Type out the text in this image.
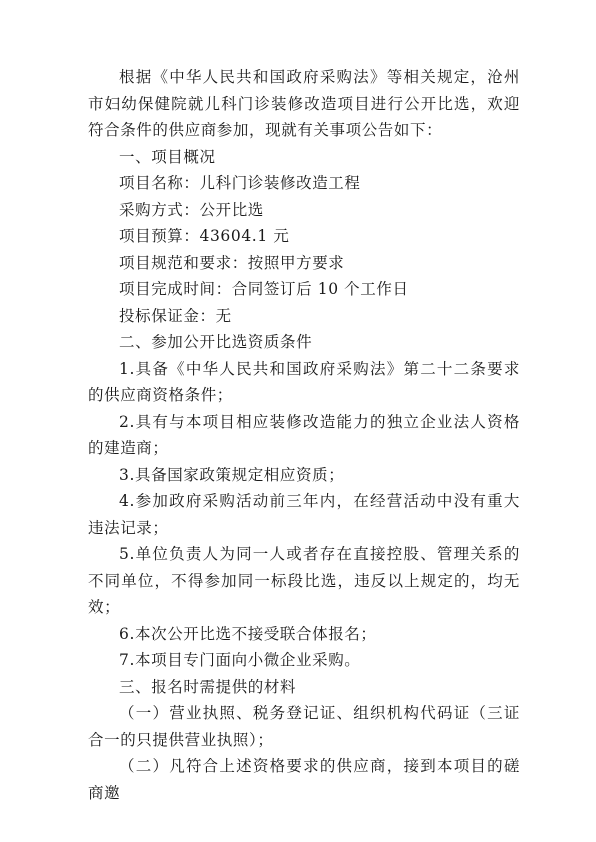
根据《中华人民共和国政府采购法》等相关规定，沧州市妇幼保健院就儿科门诊装修改造项目进行公开比选，欢迎符合条件的供应商参加，现就有关事项公告如下：

一、项目概况

项目名称：儿科门诊装修改造工程

采购方式：公开比选

项目预算：43604.1 元

项目规范和要求：按照甲方要求

项目完成时间：合同签订后 10 个工作日

投标保证金：无

二、参加公开比选资质条件

1.具备《中华人民共和国政府采购法》第二十二条要求的供应商资格条件；

2.具有与本项目相应装修改造能力的独立企业法人资格的建造商；

3.具备国家政策规定相应资质；

4.参加政府采购活动前三年内，在经营活动中没有重大违法记录；

5.单位负责人为同一人或者存在直接控股、管理关系的不同单位，不得参加同一标段比选，违反以上规定的，均无效；

6.本次公开比选不接受联合体报名；

7.本项目专门面向小微企业采购。

三、报名时需提供的材料

（一）营业执照、税务登记证、组织机构代码证（三证合一的只提供营业执照）；

（二）凡符合上述资格要求的供应商，接到本项目的磋商邀
